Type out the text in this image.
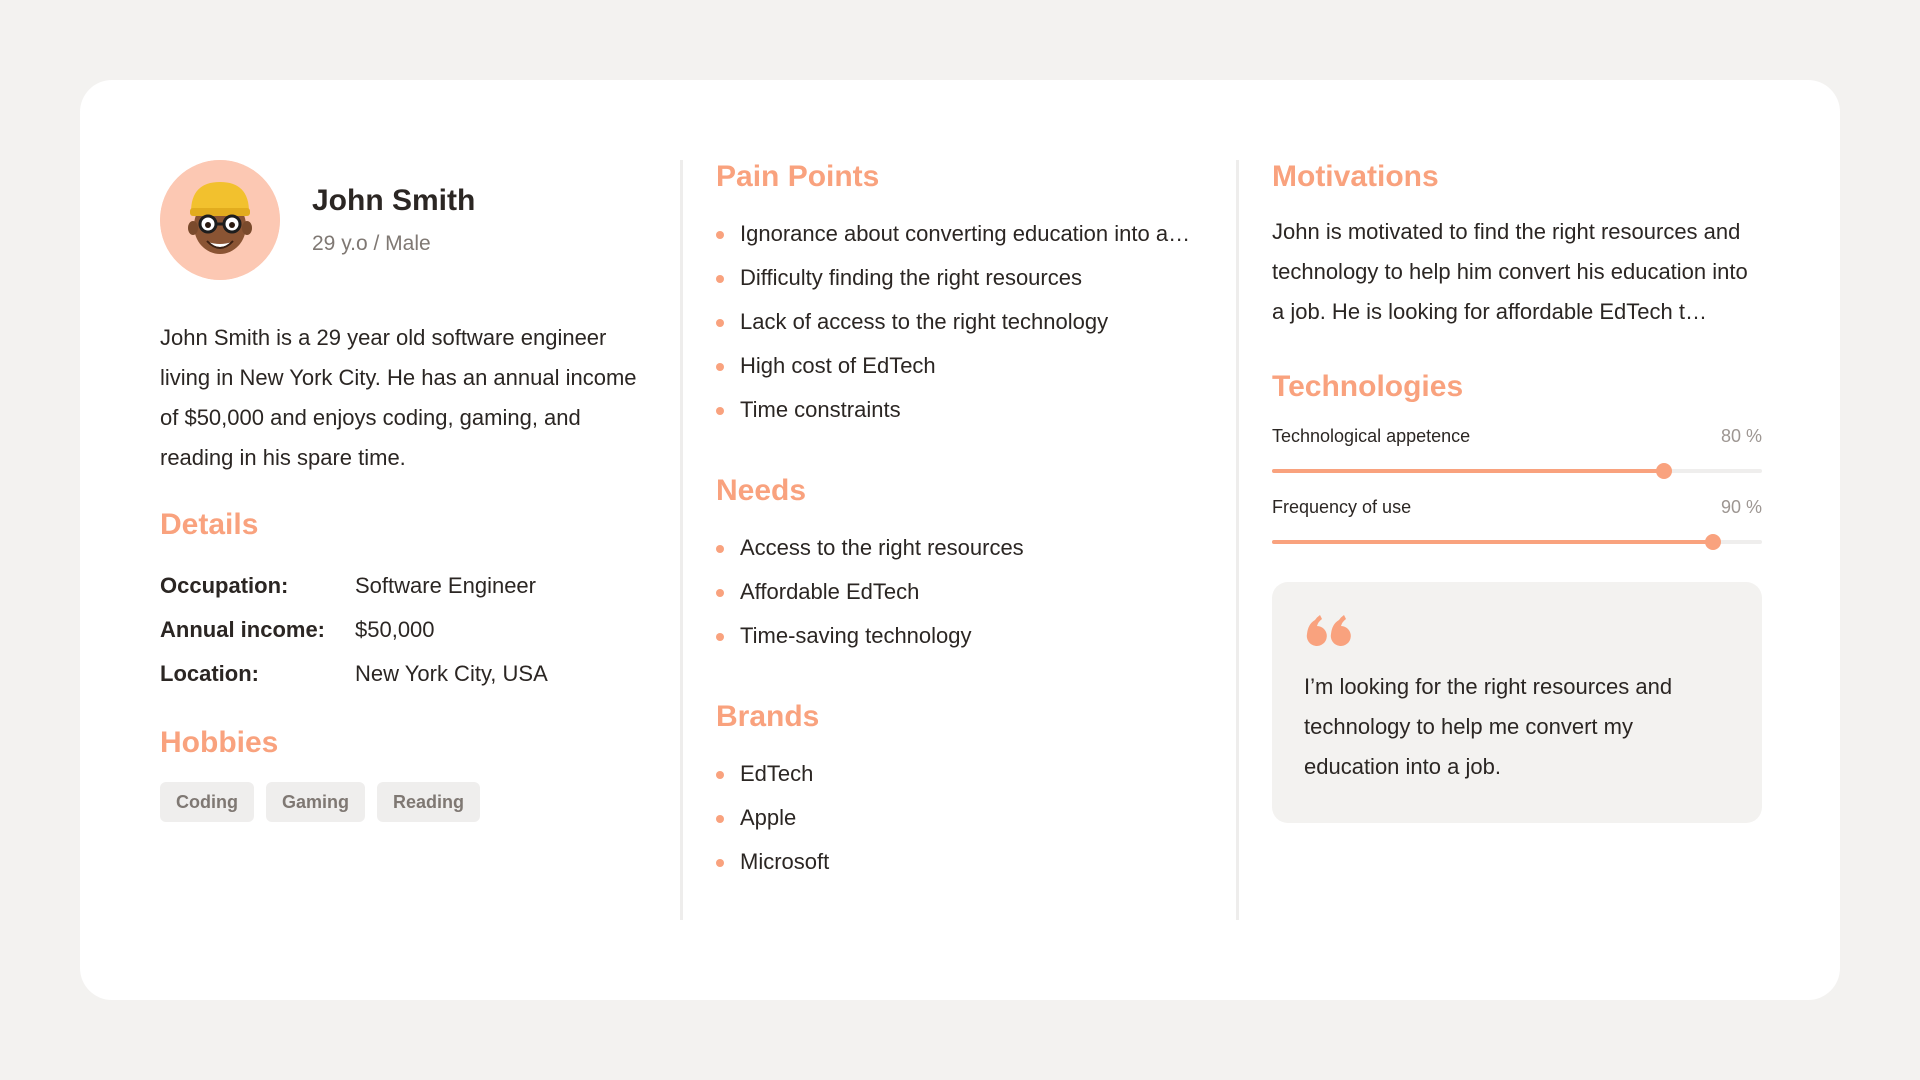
John Smith
29 y.o / Male

John Smith is a 29 year old software engineer living in New York City. He has an annual income of $50,000 and enjoys coding, gaming, and reading in his spare time.

Details
Occupation:	Software Engineer
Annual income:	$50,000
Location:	New York City, USA
Hobbies
Coding	Gaming	Reading
Pain Points
Ignorance about converting education into a…
Difficulty finding the right resources
Lack of access to the right technology
High cost of EdTech
Time constraints
Needs
Access to the right resources
Affordable EdTech
Time-saving technology
Brands
EdTech
Apple
Microsoft
Motivations

John is motivated to find the right resources and technology to help him convert his education into a job. He is looking for affordable EdTech t…

Technologies
Technological appetence	80 %
Frequency of use	90 %

I’m looking for the right resources and technology to help me convert my education into a job.
